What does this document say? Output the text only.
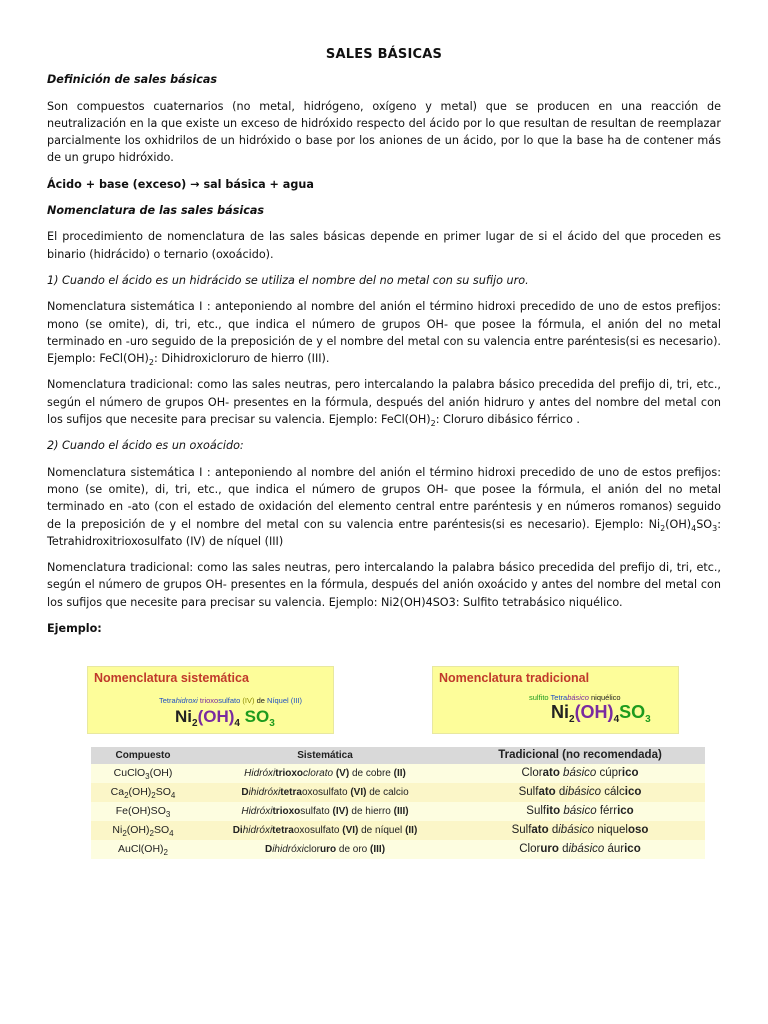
SALES BÁSICAS
Definición de sales básicas

Son compuestos cuaternarios (no metal, hidrógeno, oxígeno y metal) que se producen en una reacción de neutralización en la que existe un exceso de hidróxido respecto del ácido por lo que resultan de resultan de reemplazar parcialmente los oxhidrilos de un hidróxido o base por los aniones de un ácido, por lo que la base ha de contener más de un grupo hidróxido.

Ácido + base (exceso) → sal básica + agua

Nomenclatura de las sales básicas

El procedimiento de nomenclatura de las sales básicas depende en primer lugar de si el ácido del que proceden es binario (hidrácido) o ternario (oxoácido).

1) Cuando el ácido es un hidrácido se utiliza el nombre del no metal con su sufijo uro.

Nomenclatura sistemática I : anteponiendo al nombre del anión el término hidroxi precedido de uno de estos prefijos: mono (se omite), di, tri, etc., que indica el número de grupos OH- que posee la fórmula, el anión del no metal terminado en -uro seguido de la preposición de y el nombre del metal con su valencia entre paréntesis(si es necesario). Ejemplo: $FeCl(OH)_2$: Dihidroxicloruro de hierro (III).

Nomenclatura tradicional: como las sales neutras, pero intercalando la palabra básico precedida del prefijo di, tri, etc., según el número de grupos OH- presentes en la fórmula, después del anión hidruro y antes del nombre del metal con los sufijos que necesite para precisar su valencia. Ejemplo: $FeCl(OH)_2$: Cloruro dibásico férrico .

2) Cuando el ácido es un oxoácido:

Nomenclatura sistemática I : anteponiendo al nombre del anión el término hidroxi precedido de uno de estos prefijos: mono (se omite), di, tri, etc., que indica el número de grupos OH- que posee la fórmula, el anión del no metal terminado en -ato (con el estado de oxidación del elemento central entre paréntesis y en números romanos) seguido de la preposición de y el nombre del metal con su valencia entre paréntesis(si es necesario). Ejemplo: $Ni_2(OH)_4SO_3$: Tetrahidroxitrioxosulfato (IV) de níquel (III)

Nomenclatura tradicional: como las sales neutras, pero intercalando la palabra básico precedida del prefijo di, tri, etc., según el número de grupos OH- presentes en la fórmula, después del anión oxoácido y antes del nombre del metal con los sufijos que necesite para precisar su valencia. Ejemplo: Ni2(OH)4SO3: Sulfito tetrabásico niquélico.

Ejemplo:

Nomenclatura sistemática
Tetrahidroxi trioxosulfato (IV) de Níquel (III)
$Ni_2(OH)_4$ $SO_3$
Nomenclatura tradicional
sulfito Tetrabásico niquélico
$Ni_2(OH)_4SO_3$
Compuesto	Sistemática	Tradicional (no recomendada)
CuClO$_3$(OH)	Hidróxitrioxoclorato (V) de cobre (II)	Clorato básico cúprico
$Ca_2(OH)_2SO_4$	Dihidróxitetraoxosulfato (VI) de calcio	Sulfato dibásico cálcico
$Fe(OH)SO_3$	Hidróxitrioxosulfato (IV) de hierro (III)	Sulfito básico férrico
$Ni_2(OH)_2SO_4$	Dihidróxitetraoxosulfato (VI) de níquel (II)	Sulfato dibásico niqueloso
$AuCl(OH)_2$	Dihidróxicloruro de oro (III)	Cloruro dibásico áurico
